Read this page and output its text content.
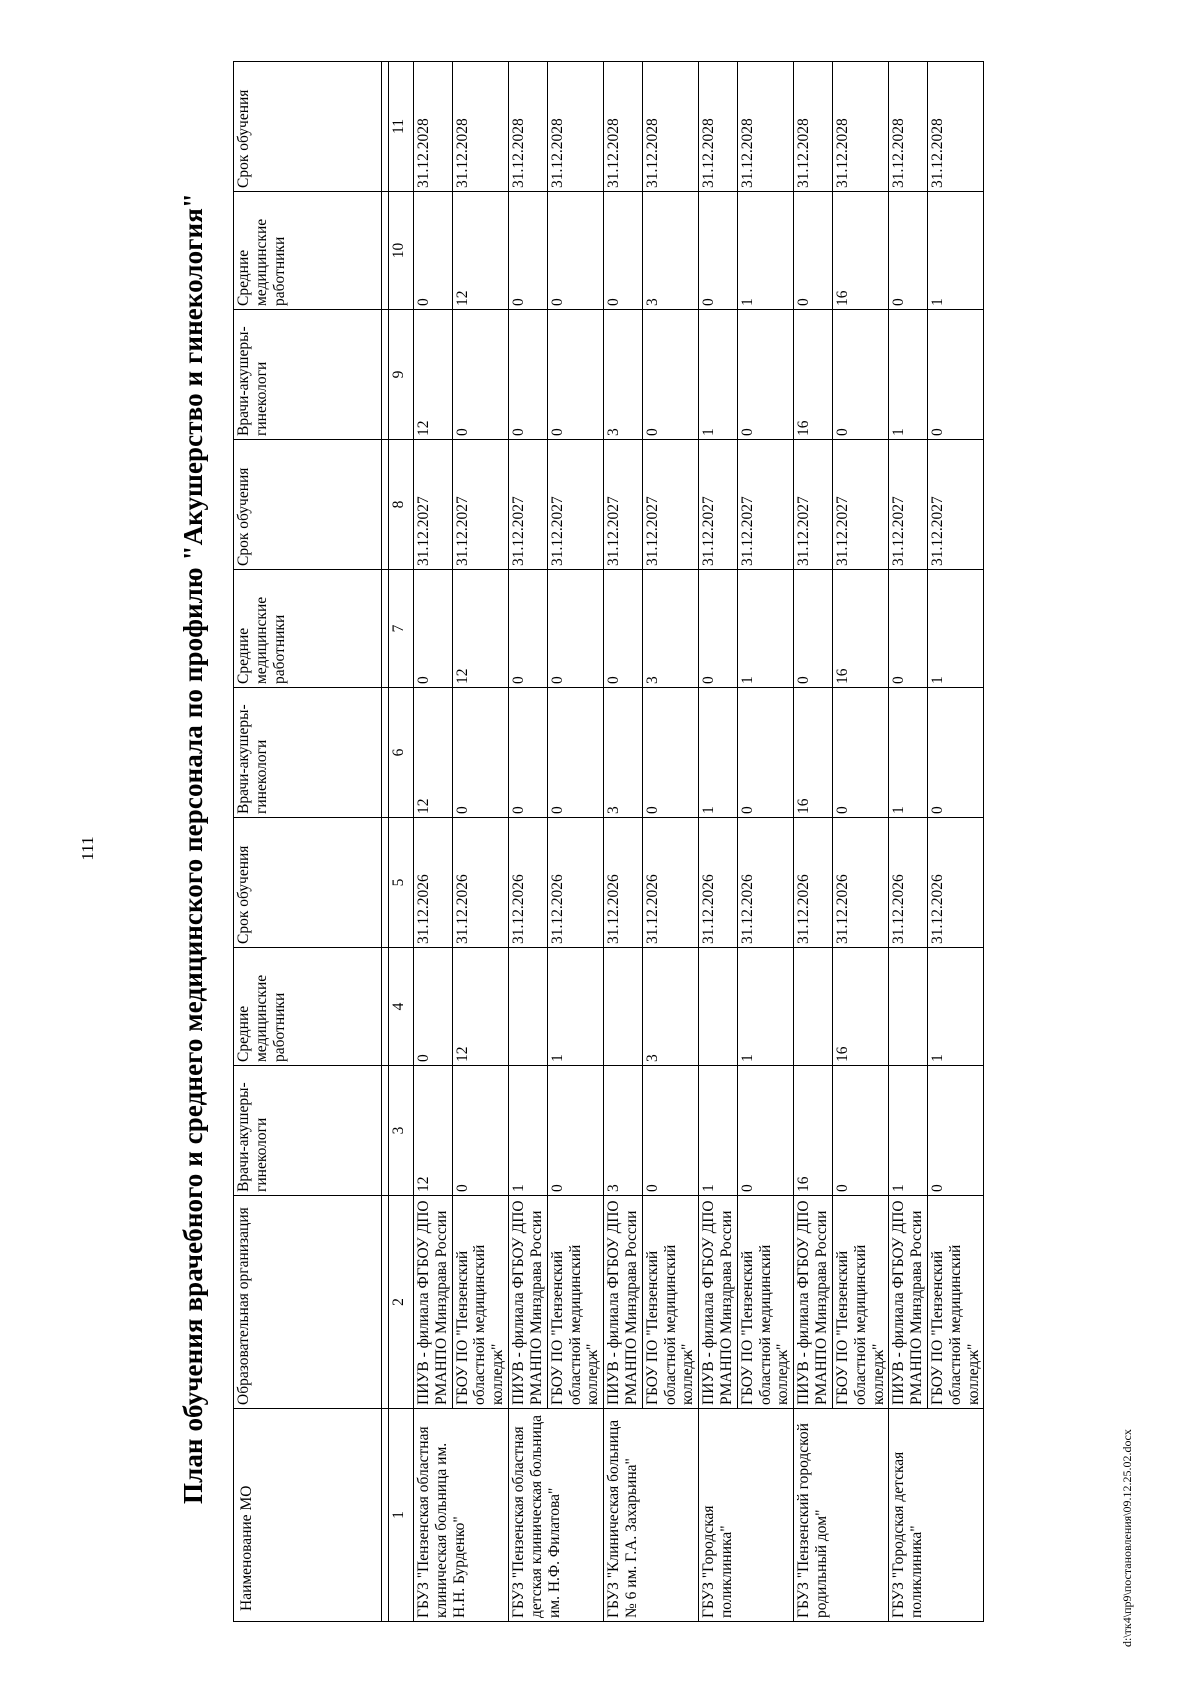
111	План обучения врачебного и среднего медицинского персонала по профилю "Акушерство и гинекология"
Наименование МО	Образовательная организация	Врачи-акушеры-гинекологи	Средние медицинские работники	Срок обучения	Врачи-акушеры-гинекологи	Средние медицинские работники	Срок обучения	Врачи-акушеры-гинекологи	Средние медицинские работники	Срок обучения

1	2	3	4	5	6	7	8	9	10	11
ГБУЗ "Пензенская областная клиническая больница им. Н.Н. Бурденко"	ПИУВ - филиала ФГБОУ ДПО РМАНПО Минздрава России	12	0	31.12.2026	12	0	31.12.2027	12	0	31.12.2028
	ГБОУ ПО "Пензенский областной медицинский колледж"	0	12	31.12.2026	0	12	31.12.2027	0	12	31.12.2028
ГБУЗ "Пензенская областная детская клиническая больница им. Н.Ф. Филатова"	ПИУВ - филиала ФГБОУ ДПО РМАНПО Минздрава России	1		31.12.2026	0	0	31.12.2027	0	0	31.12.2028
	ГБОУ ПО "Пензенский областной медицинский колледж"	0	1	31.12.2026	0	0	31.12.2027	0	0	31.12.2028
ГБУЗ "Клиническая больница № 6 им. Г.А. Захарьина"	ПИУВ - филиала ФГБОУ ДПО РМАНПО Минздрава России	3		31.12.2026	3	0	31.12.2027	3	0	31.12.2028
	ГБОУ ПО "Пензенский областной медицинский колледж"	0	3	31.12.2026	0	3	31.12.2027	0	3	31.12.2028
ГБУЗ "Городская поликлиника"	ПИУВ - филиала ФГБОУ ДПО РМАНПО Минздрава России	1		31.12.2026	1	0	31.12.2027	1	0	31.12.2028
	ГБОУ ПО "Пензенский областной медицинский колледж"	0	1	31.12.2026	0	1	31.12.2027	0	1	31.12.2028
ГБУЗ "Пензенский городской родильный дом"	ПИУВ - филиала ФГБОУ ДПО РМАНПО Минздрава России	16		31.12.2026	16	0	31.12.2027	16	0	31.12.2028
	ГБОУ ПО "Пензенский областной медицинский колледж"	0	16	31.12.2026	0	16	31.12.2027	0	16	31.12.2028
ГБУЗ "Городская детская поликлиника"	ПИУВ - филиала ФГБОУ ДПО РМАНПО Минздрава России	1		31.12.2026	1	0	31.12.2027	1	0	31.12.2028
	ГБОУ ПО "Пензенский областной медицинский колледж"	0	1	31.12.2026	0	1	31.12.2027	0	1	31.12.2028
d:\тк4\пр9\постановления\09.12.25.02.docx
